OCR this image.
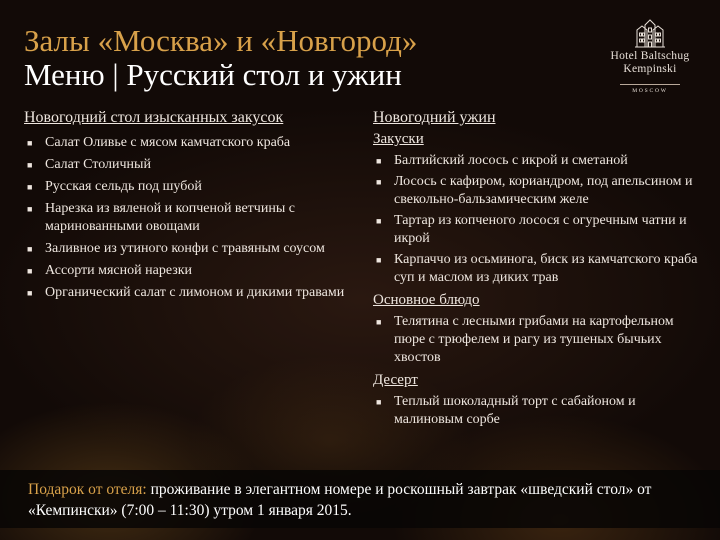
Залы «Москва» и «Новгород»
Меню | Русский стол и ужин
Hotel Baltschug
Kempinski
MOSCOW
Новогодний стол изысканных закусок
■ Салат Оливье с мясом камчатского краба
■ Салат Столичный
■ Русская сельдь под шубой
■ Нарезка из вяленой и копченой ветчины с маринованными овощами
■ Заливное из утиного конфи с травяным соусом
■ Ассорти мясной нарезки
■ Органический салат с лимоном и дикими травами
Новогодний ужин
Закуски
■ Балтийский лосось с икрой и сметаной
■ Лосось с кафиром, кориандром, под апельсином и свекольно-бальзамическим желе
■ Тартар из копченого лосося с огуречным чатни и икрой
■ Карпаччо из осьминога, биск из камчатского краба суп и маслом из диких трав
Основное блюдо
■ Телятина с лесными грибами на картофельном пюре с трюфелем и рагу из тушеных бычьих хвостов
Десерт
■ Теплый шоколадный торт с сабайоном и малиновым сорбе
Подарок от отеля: проживание в элегантном номере и роскошный завтрак «шведский стол» от «Кемпински» (7:00 – 11:30) утром 1 января 2015.
